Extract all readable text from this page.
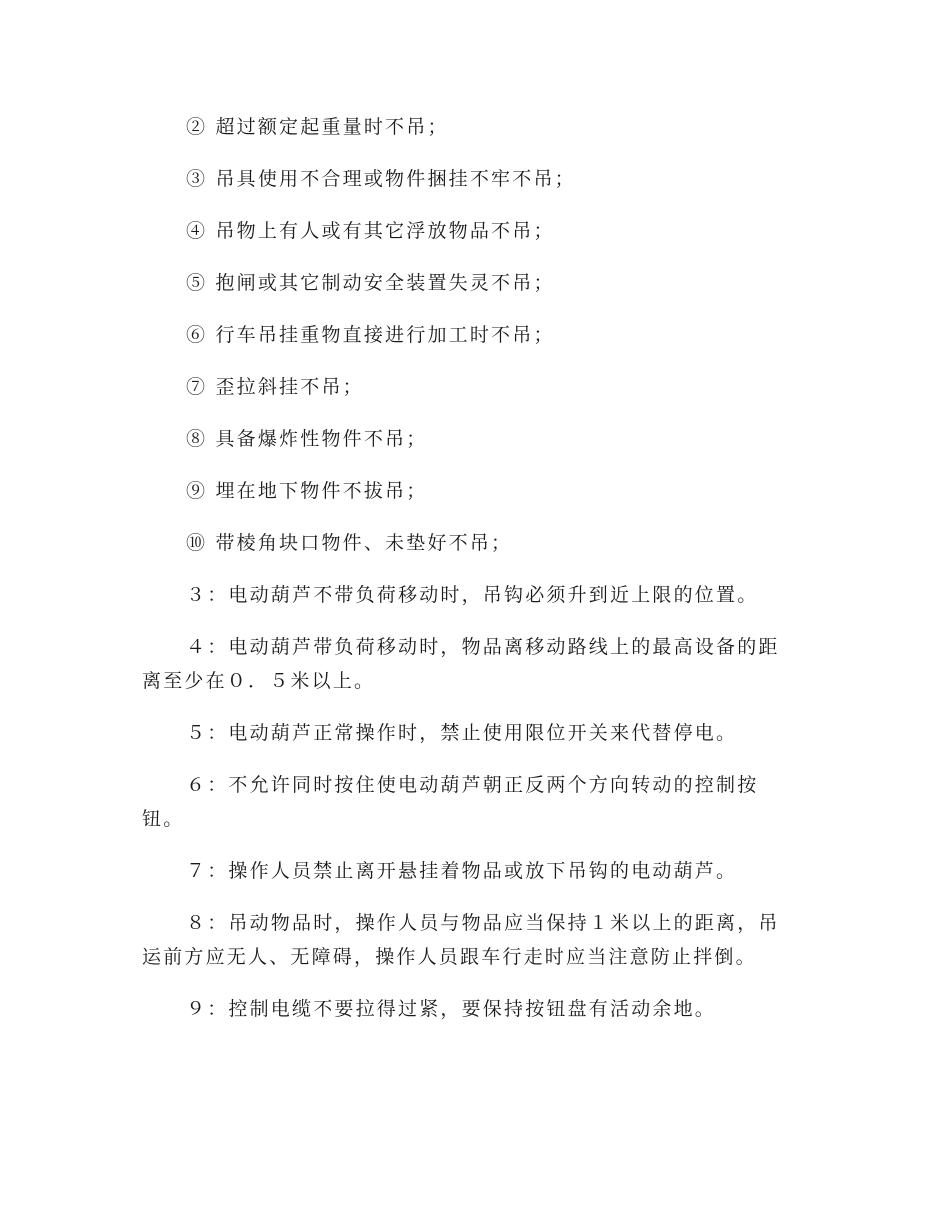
② 超过额定起重量时不吊；

③ 吊具使用不合理或物件捆挂不牢不吊；

④ 吊物上有人或有其它浮放物品不吊；

⑤ 抱闸或其它制动安全装置失灵不吊；

⑥ 行车吊挂重物直接进行加工时不吊；

⑦ 歪拉斜挂不吊；

⑧ 具备爆炸性物件不吊；

⑨ 埋在地下物件不拔吊；

⑩ 带棱角块口物件、未垫好不吊；

３：电动葫芦不带负荷移动时，吊钩必须升到近上限的位置。

４：电动葫芦带负荷移动时，物品离移动路线上的最高设备的距

离至少在０．５米以上。

５：电动葫芦正常操作时，禁止使用限位开关来代替停电。

６：不允许同时按住使电动葫芦朝正反两个方向转动的控制按

钮。

７：操作人员禁止离开悬挂着物品或放下吊钩的电动葫芦。

８：吊动物品时，操作人员与物品应当保持１米以上的距离，吊

运前方应无人、无障碍，操作人员跟车行走时应当注意防止拌倒。

９：控制电缆不要拉得过紧，要保持按钮盘有活动余地。
